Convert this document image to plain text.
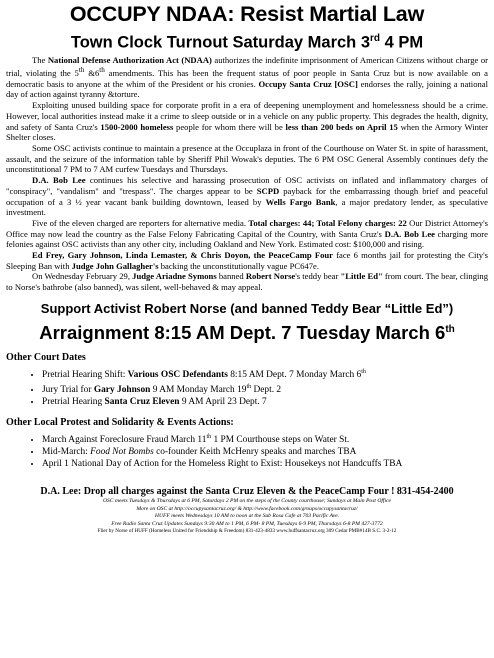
OCCUPY NDAA: Resist Martial Law
Town Clock Turnout Saturday March 3rd 4 PM

The National Defense Authorization Act (NDAA) authorizes the indefinite imprisonment of American Citizens without charge or trial, violating the 5th &6th amendments. This has been the frequent status of poor people in Santa Cruz but is now available on a democratic basis to anyone at the whim of the President or his cronies. Occupy Santa Cruz [OSC] endorses the rally, joining a national day of action against tyranny &torture.

Exploiting unused building space for corporate profit in a era of deepening unemployment and homelessness should be a crime. However, local authorities instead make it a crime to sleep outside or in a vehicle on any public property. This degrades the health, dignity, and safety of Santa Cruz's 1500-2000 homeless people for whom there will be less than 200 beds on April 15 when the Armory Winter Shelter closes.

Some OSC activists continue to maintain a presence at the Occuplaza in front of the Courthouse on Water St. in spite of harassment, assault, and the seizure of the information table by Sheriff Phil Wowak's deputies. The 6 PM OSC General Assembly continues defy the unconstitutional 7 PM to 7 AM curfew Tuesdays and Thursdays.

D.A. Bob Lee continues his selective and harassing prosecution of OSC activists on inflated and inflammatory charges of "conspiracy", "vandalism" and "trespass". The charges appear to be SCPD payback for the embarrassing though brief and peaceful occupation of a 3 ½ year vacant bank building downtown, leased by Wells Fargo Bank, a major predatory lender, as speculative investment.

Five of the eleven charged are reporters for alternative media. Total charges: 44; Total Felony charges: 22 Our District Attorney's Office may now lead the country as the False Felony Fabricating Capital of the Country, with Santa Cruz's D.A. Bob Lee charging more felonies against OSC activists than any other city, including Oakland and New York. Estimated cost: $100,000 and rising.

Ed Frey, Gary Johnson, Linda Lemaster, & Chris Doyon, the PeaceCamp Four face 6 months jail for protesting the City's Sleeping Ban with Judge John Gallagher's backing the unconstitutionally vague PC647e.

On Wednesday February 29, Judge Ariadne Symons banned Robert Norse's teddy bear "Little Ed" from court. The bear, clinging to Norse's bathrobe (also banned), was silent, well-behaved & may appeal.

Support Activist Robert Norse (and banned Teddy Bear “Little Ed”)
Arraignment 8:15 AM Dept. 7 Tuesday March 6th
Other Court Dates
• Pretrial Hearing Shift: Various OSC Defendants 8:15 AM Dept. 7 Monday March 6th
• Jury Trial for Gary Johnson 9 AM Monday March 19th Dept. 2
• Pretrial Hearing Santa Cruz Eleven 9 AM April 23 Dept. 7
Other Local Protest and Solidarity & Events Actions:
• March Against Foreclosure Fraud March 11th 1 PM Courthouse steps on Water St.
• Mid-March: Food Not Bombs co-founder Keith McHenry speaks and marches TBA
• April 1 National Day of Action for the Homeless Right to Exist: Housekeys not Handcuffs TBA
D.A. Lee: Drop all charges against the Santa Cruz Eleven & the PeaceCamp Four ! 831-454-2400
OSC meets Tuesdays & Thursdays at 6 PM, Saturdays 2 PM on the steps of the County courthouse; Sundays at Main Post Office
More on OSC at http://occupysantacruz.org/ & http://www.facebook.com/groups/occupysantacruz/
HUFF meets Wednesdays 10 AM to noon at the Sub Rosa Cafe at 703 Pacific Ave.
Free Radio Santa Cruz Updates Sundays 9:30 AM to 1 PM, 6 PM- 8 PM, Tuesdays 6-9 PM, Thursdays 6-8 PM 427-3772
Flier by Norse of HUFF (Homeless United for Friendship & Freedom) 831-423-4833 www.huffsantacruz.org 309 Cedar PMB#14B S.C. 3-2-12
